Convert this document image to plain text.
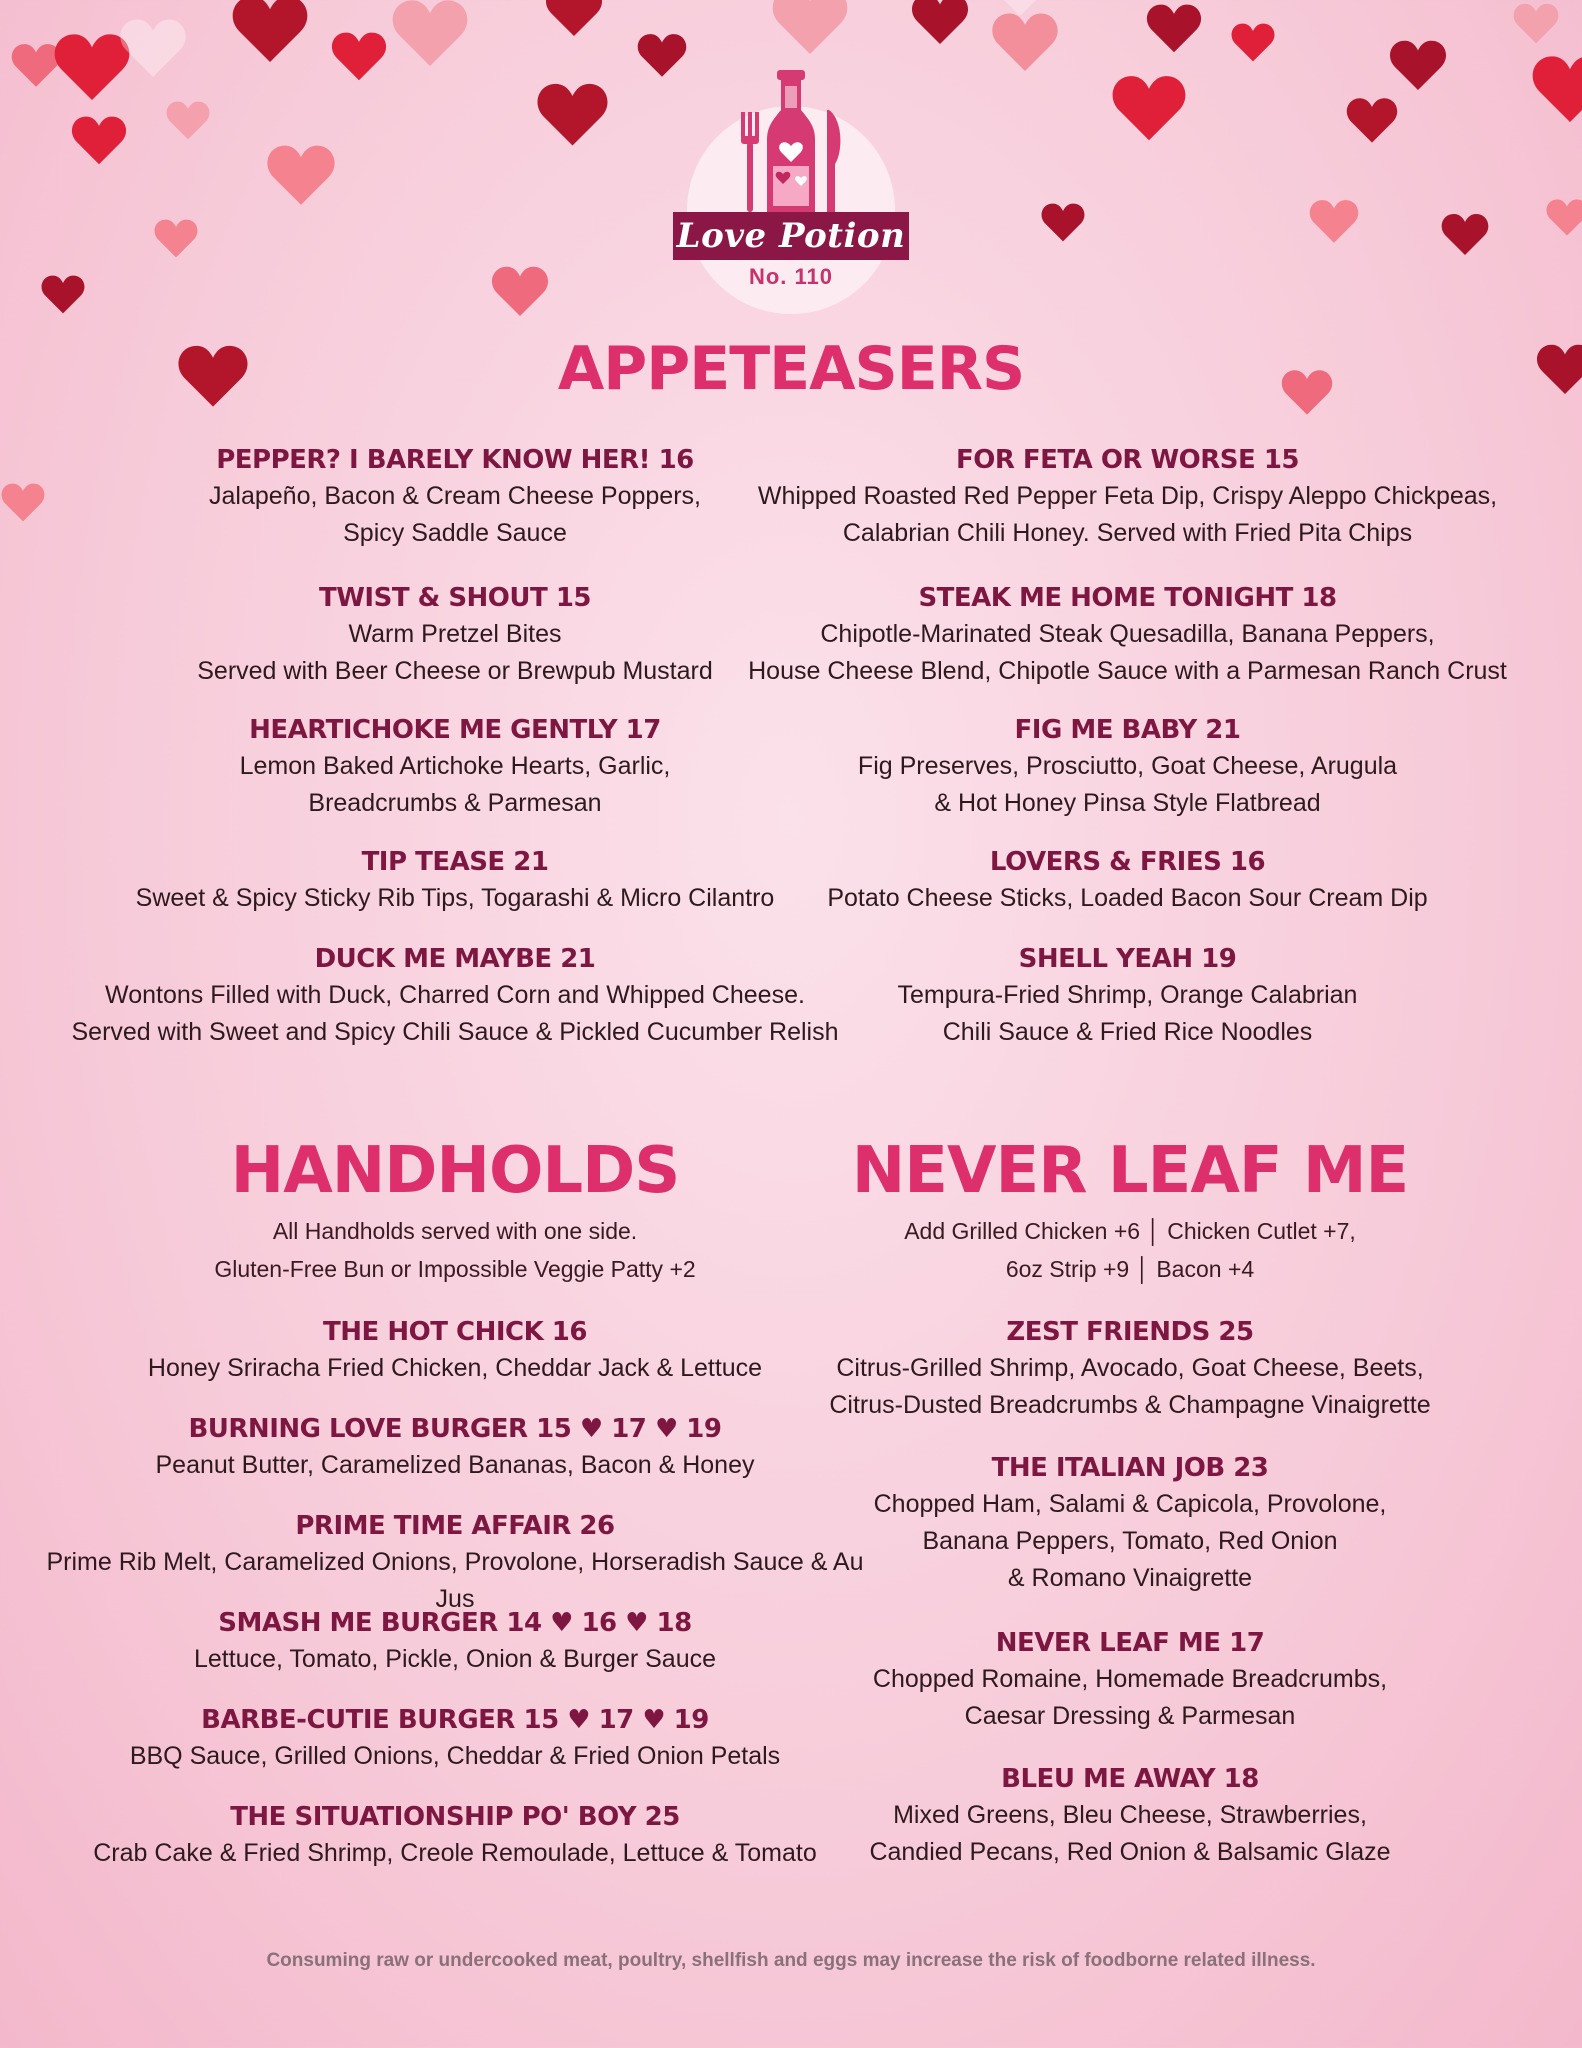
Love Potion
No. 110
APPETEASERS
PEPPER? I BARELY KNOW HER! 16
Jalapeño, Bacon & Cream Cheese Poppers,
Spicy Saddle Sauce
TWIST & SHOUT 15
Warm Pretzel Bites
Served with Beer Cheese or Brewpub Mustard
HEARTICHOKE ME GENTLY 17
Lemon Baked Artichoke Hearts, Garlic,
Breadcrumbs & Parmesan
TIP TEASE 21
Sweet & Spicy Sticky Rib Tips, Togarashi & Micro Cilantro
DUCK ME MAYBE 21
Wontons Filled with Duck, Charred Corn and Whipped Cheese.
Served with Sweet and Spicy Chili Sauce & Pickled Cucumber Relish
FOR FETA OR WORSE 15
Whipped Roasted Red Pepper Feta Dip, Crispy Aleppo Chickpeas,
Calabrian Chili Honey. Served with Fried Pita Chips
STEAK ME HOME TONIGHT 18
Chipotle-Marinated Steak Quesadilla, Banana Peppers,
House Cheese Blend, Chipotle Sauce with a Parmesan Ranch Crust
FIG ME BABY 21
Fig Preserves, Prosciutto, Goat Cheese, Arugula
& Hot Honey Pinsa Style Flatbread
LOVERS & FRIES 16
Potato Cheese Sticks, Loaded Bacon Sour Cream Dip
SHELL YEAH 19
Tempura-Fried Shrimp, Orange Calabrian
Chili Sauce & Fried Rice Noodles
HANDHOLDS
All Handholds served with one side.
Gluten-Free Bun or Impossible Veggie Patty +2
THE HOT CHICK 16
Honey Sriracha Fried Chicken, Cheddar Jack & Lettuce
BURNING LOVE BURGER 15 ♥ 17 ♥ 19
Peanut Butter, Caramelized Bananas, Bacon & Honey
PRIME TIME AFFAIR 26
Prime Rib Melt, Caramelized Onions, Provolone, Horseradish Sauce & Au Jus
SMASH ME BURGER 14 ♥ 16 ♥ 18
Lettuce, Tomato, Pickle, Onion & Burger Sauce
BARBE-CUTIE BURGER 15 ♥ 17 ♥ 19
BBQ Sauce, Grilled Onions, Cheddar & Fried Onion Petals
THE SITUATIONSHIP PO' BOY 25
Crab Cake & Fried Shrimp, Creole Remoulade, Lettuce & Tomato
NEVER LEAF ME
Add Grilled Chicken +6 │ Chicken Cutlet +7,
6oz Strip +9 │ Bacon +4
ZEST FRIENDS 25
Citrus-Grilled Shrimp, Avocado, Goat Cheese, Beets,
Citrus-Dusted Breadcrumbs & Champagne Vinaigrette
THE ITALIAN JOB 23
Chopped Ham, Salami & Capicola, Provolone,
Banana Peppers, Tomato, Red Onion
& Romano Vinaigrette
NEVER LEAF ME 17
Chopped Romaine, Homemade Breadcrumbs,
Caesar Dressing & Parmesan
BLEU ME AWAY 18
Mixed Greens, Bleu Cheese, Strawberries,
Candied Pecans, Red Onion & Balsamic Glaze
Consuming raw or undercooked meat, poultry, shellfish and eggs may increase the risk of foodborne related illness.
